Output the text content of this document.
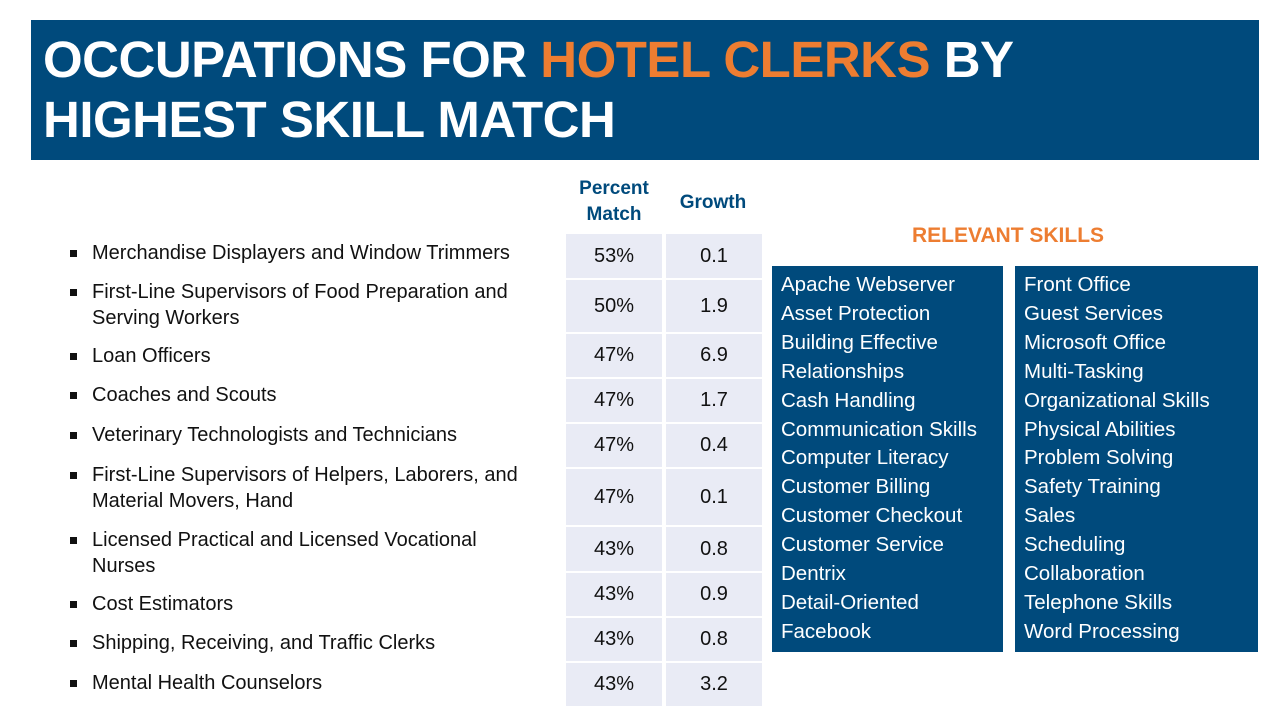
OCCUPATIONS FOR HOTEL CLERKS BY
HIGHEST SKILL MATCH
Percent
Match
Growth
Merchandise Displayers and Window Trimmers	53%	0.1
First-Line Supervisors of Food Preparation and
Serving Workers
50%	1.9
Loan Officers	47%	6.9
Coaches and Scouts	47%	1.7
Veterinary Technologists and Technicians	47%	0.4
First-Line Supervisors of Helpers, Laborers, and
Material Movers, Hand	47%	0.1
Licensed Practical and Licensed Vocational
Nurses
43%	0.8
Cost Estimators	43%	0.9
Shipping, Receiving, and Traffic Clerks	43%	0.8
Mental Health Counselors	43%	3.2
RELEVANT SKILLS
Apache Webserver
Asset Protection
Building Effective
Relationships
Cash Handling
Communication Skills
Computer Literacy
Customer Billing
Customer Checkout
Customer Service
Dentrix
Detail-Oriented
Facebook
Front Office
Guest Services
Microsoft Office
Multi-Tasking
Organizational Skills
Physical Abilities
Problem Solving
Safety Training
Sales
Scheduling
Collaboration
Telephone Skills
Word Processing
